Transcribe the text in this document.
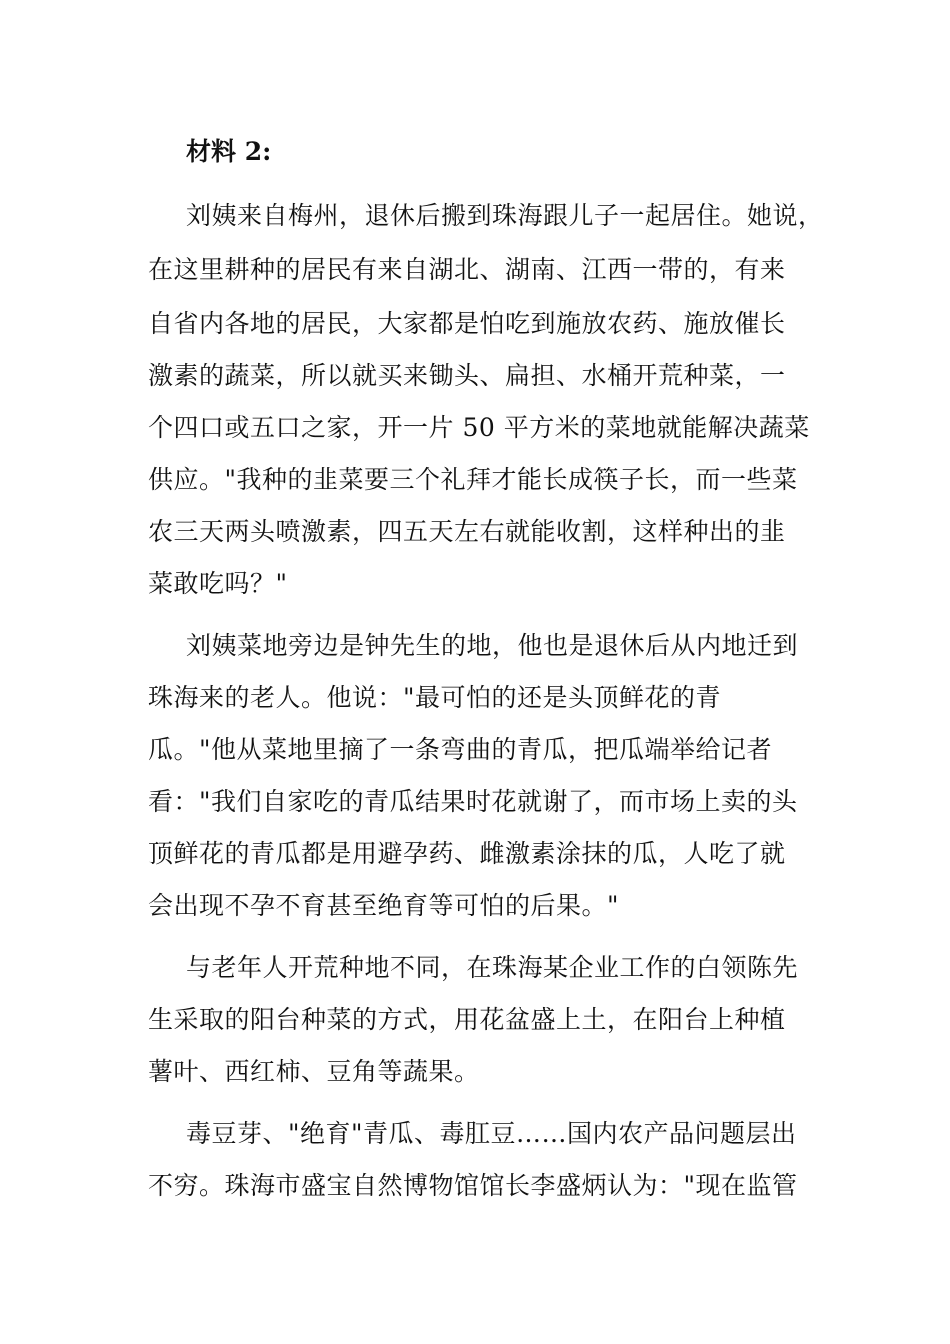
材料 2:
刘姨来自梅州，退休后搬到珠海跟儿子一起居住。她说，
在这里耕种的居民有来自湖北、湖南、江西一带的，有来
自省内各地的居民，大家都是怕吃到施放农药、施放催长
激素的蔬菜，所以就买来锄头、扁担、水桶开荒种菜，一
个四口或五口之家，开一片 50 平方米的菜地就能解决蔬菜
供应。"我种的韭菜要三个礼拜才能长成筷子长，而一些菜
农三天两头喷激素，四五天左右就能收割，这样种出的韭
菜敢吃吗？"
刘姨菜地旁边是钟先生的地，他也是退休后从内地迁到
珠海来的老人。他说："最可怕的还是头顶鲜花的青
瓜。"他从菜地里摘了一条弯曲的青瓜，把瓜端举给记者
看："我们自家吃的青瓜结果时花就谢了，而市场上卖的头
顶鲜花的青瓜都是用避孕药、雌激素涂抹的瓜，人吃了就
会出现不孕不育甚至绝育等可怕的后果。"
与老年人开荒种地不同，在珠海某企业工作的白领陈先
生采取的阳台种菜的方式，用花盆盛上土，在阳台上种植
薯叶、西红柿、豆角等蔬果。
毒豆芽、"绝育"青瓜、毒肛豆……国内农产品问题层出
不穷。珠海市盛宝自然博物馆馆长李盛炳认为："现在监管
